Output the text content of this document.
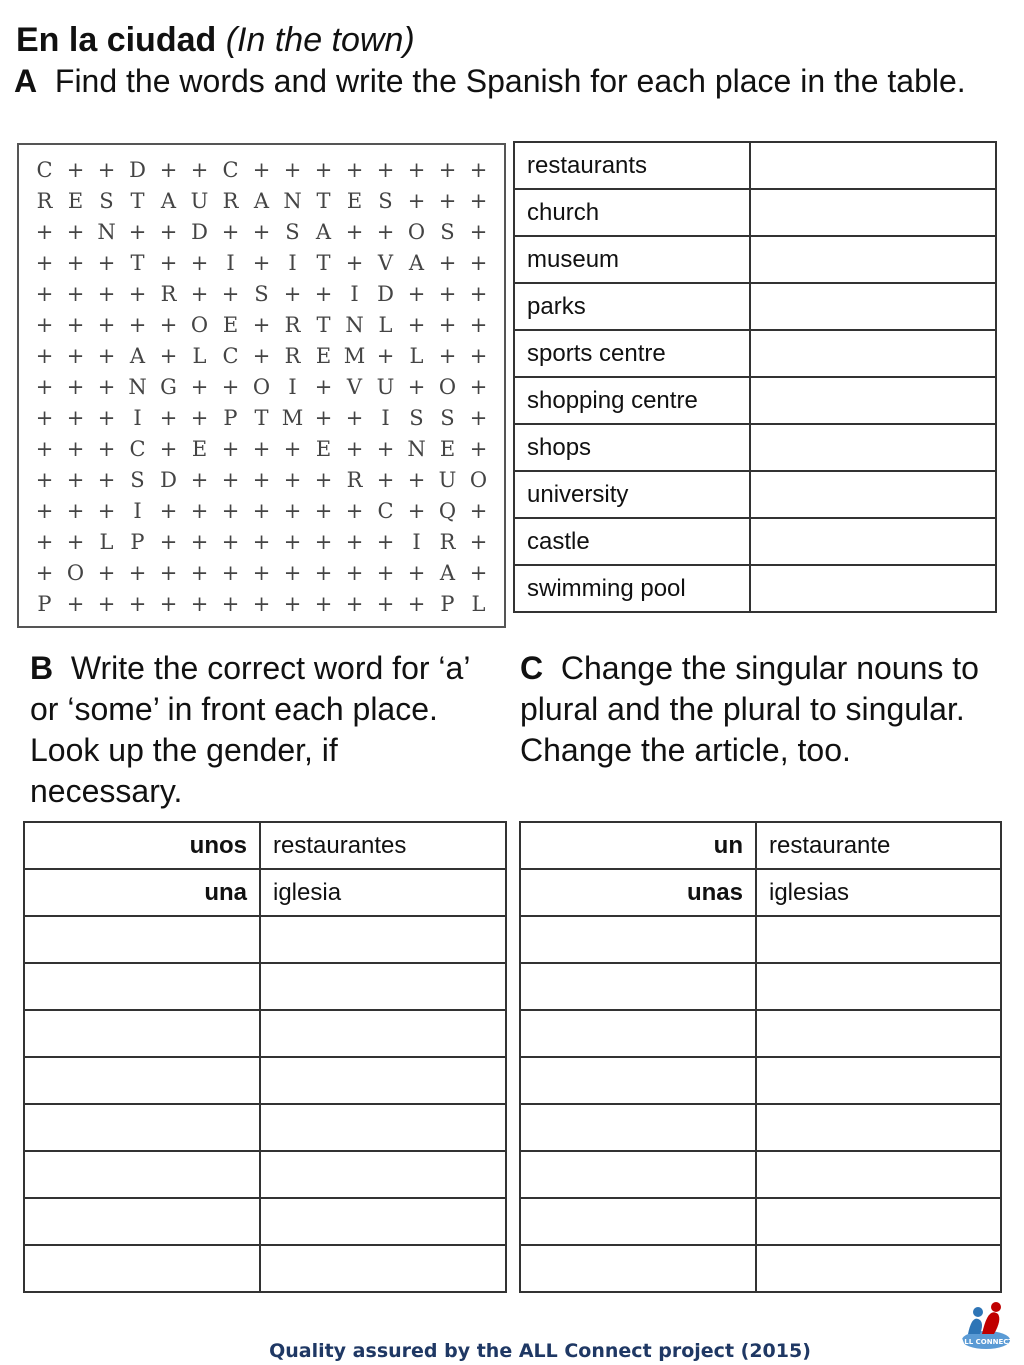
En la ciudad (In the town)
A Find the words and write the Spanish for each place in the table.
C + + D + + C + + + + + + + +
R E S T A U R A N T E S + + +
+ + N + + D + + S A + + O S +
+ + + T + + I + I T + V A + +
+ + + + R + + S + + I D + + +
+ + + + + O E + R T N L + + +
+ + + A + L C + R E M + L + +
+ + + N G + + O I + V U + O +
+ + + I + + P T M + + I S S +
+ + + C + E + + + E + + N E +
+ + + S D + + + + + R + + U O
+ + + I + + + + + + + C + Q +
+ + L P + + + + + + + + I R +
+ O + + + + + + + + + + + A +
P + + + + + + + + + + + + P L
restaurants	
church	
museum	
parks	
sports centre	
shopping centre	
shops	
university	
castle	
swimming pool	
B Write the correct word for ‘a’ or ‘some’ in front each place. Look up the gender, if necessary.
C Change the singular nouns to plural and the plural to singular. Change the article, too.
unos	restaurantes
una	iglesia

un	restaurante
unas	iglesias

Quality assured by the ALL Connect project (2015)	ALL CONNECT
